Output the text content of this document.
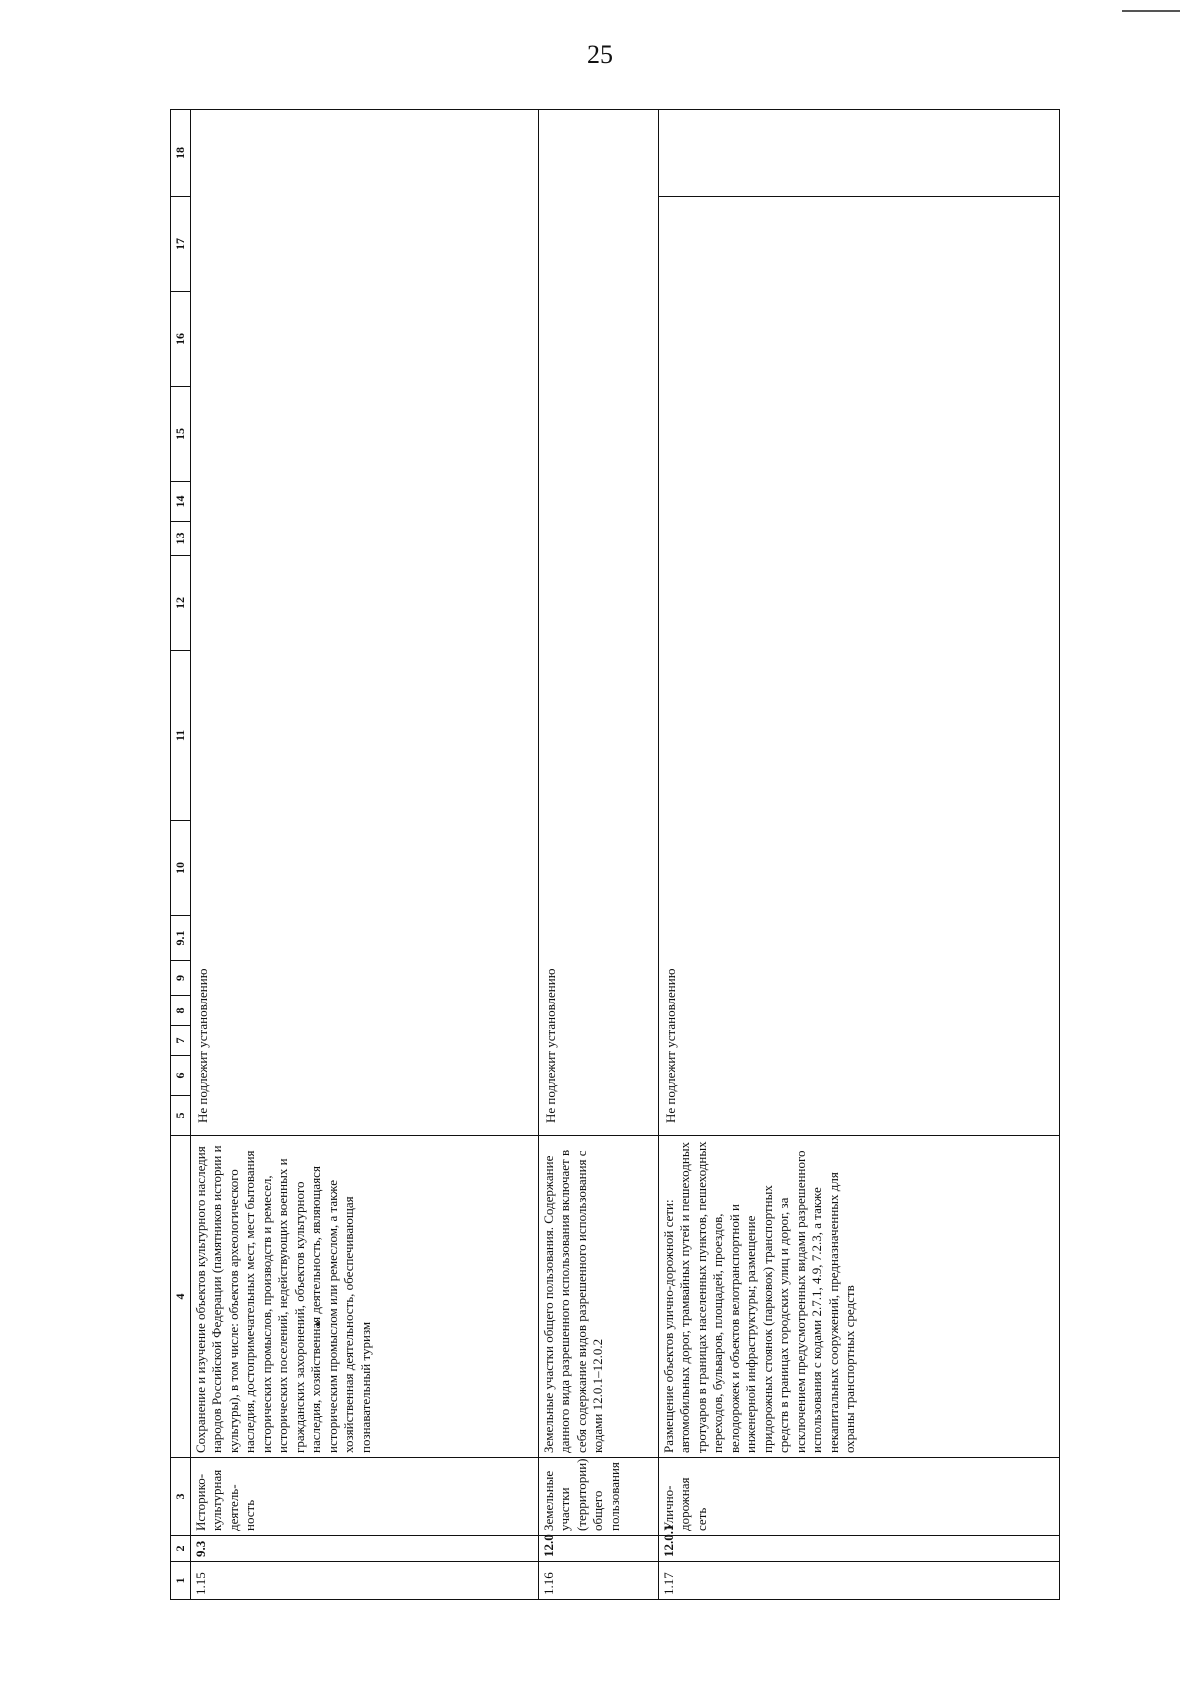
25
1	2	3	4	5	6	7	8	9	9.1	10	11	12	13	14	15	16	17	18
1.15	9.3	Историко-культурная деятель-ность	Сохранение и изучение объектов культурного наследия народов Российской Федерации (памятников истории и культуры), в том числе: объектов археологического наследия, достопримечательных мест, мест бытования исторических промыслов, производств и ремесел, исторических поселений, недействующих военных и гражданских захоронений, объектов культурного наследия, хозяйственная деятельность, являющаяся историческим промыслом или ремеслом, а также хозяйственная деятельность, обеспечивающая познавательный туризм	Не подлежит установлению														
1.16	12.0	Земельные участки (территории) общего пользования	Земельные участки общего пользования. Содержание данного вида разрешенного использования включает в себя содержание видов разрешенного использования с кодами 12.0.1–12.0.2	Не подлежит установлению														
1.17	12.0.1	Улично-дорожная сеть	Размещение объектов улично-дорожной сети: автомобильных дорог, трамвайных путей и пешеходных тротуаров в границах населенных пунктов, пешеходных переходов, бульваров, площадей, проездов, велодорожек и объектов велотранспортной и инженерной инфраструктуры; размещение придорожных стоянок (парковок) транспортных средств в границах городских улиц и дорог, за исключением предусмотренных видами разрешенного использования с кодами 2.7.1, 4.9, 7.2.3, а также некапитальных сооружений, предназначенных для охраны транспортных средств	Не подлежит установлению														
